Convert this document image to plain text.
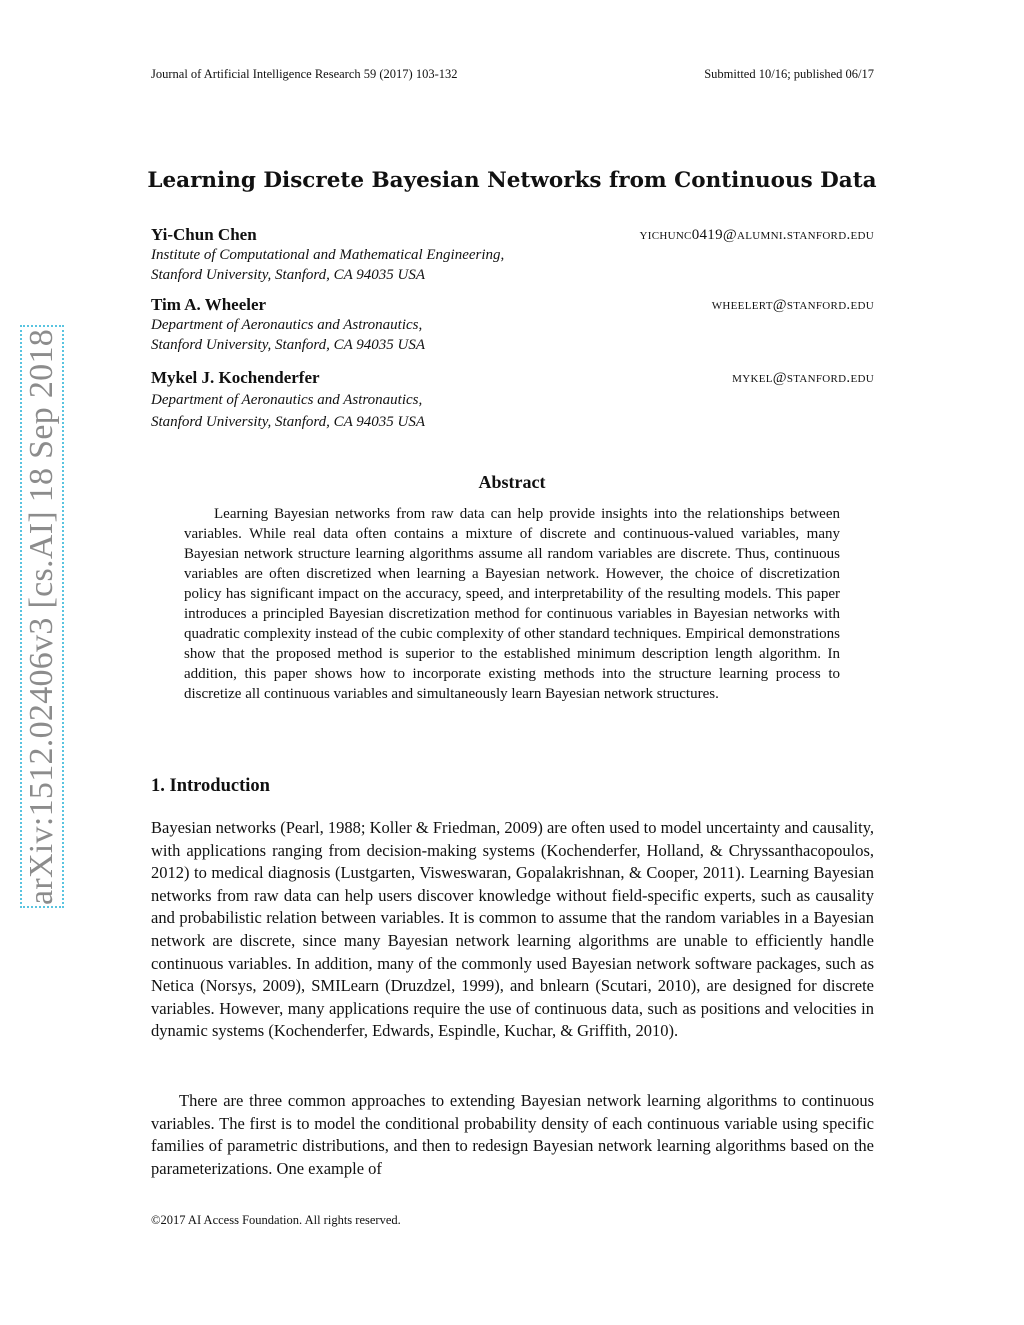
Journal of Artificial Intelligence Research 59 (2017) 103-132	Submitted 10/16; published 06/17
arXiv:1512.02406v3 [cs.AI] 18 Sep 2018
Learning Discrete Bayesian Networks from Continuous Data
Yi-Chun Chen	yichunc0419@alumni.stanford.edu
Institute of Computational and Mathematical Engineering,
Stanford University, Stanford, CA 94035 USA
Tim A. Wheeler	wheelert@stanford.edu
Department of Aeronautics and Astronautics,
Stanford University, Stanford, CA 94035 USA
Mykel J. Kochenderfer	mykel@stanford.edu
Department of Aeronautics and Astronautics,
Stanford University, Stanford, CA 94035 USA
Abstract

Learning Bayesian networks from raw data can help provide insights into the relationships between variables. While real data often contains a mixture of discrete and continuous-valued variables, many Bayesian network structure learning algorithms assume all random variables are discrete. Thus, continuous variables are often discretized when learning a Bayesian network. However, the choice of discretization policy has significant impact on the accuracy, speed, and interpretability of the resulting models. This paper introduces a principled Bayesian discretization method for continuous variables in Bayesian networks with quadratic complexity instead of the cubic complexity of other standard techniques. Empirical demonstrations show that the proposed method is superior to the established minimum description length algorithm. In addition, this paper shows how to incorporate existing methods into the structure learning process to discretize all continuous variables and simultaneously learn Bayesian network structures.

1. Introduction

Bayesian networks (Pearl, 1988; Koller & Friedman, 2009) are often used to model uncertainty and causality, with applications ranging from decision-making systems (Kochenderfer, Holland, & Chryssanthacopoulos, 2012) to medical diagnosis (Lustgarten, Visweswaran, Gopalakrishnan, & Cooper, 2011). Learning Bayesian networks from raw data can help users discover knowledge without field-specific experts, such as causality and probabilistic relation between variables. It is common to assume that the random variables in a Bayesian network are discrete, since many Bayesian network learning algorithms are unable to efficiently handle continuous variables. In addition, many of the commonly used Bayesian network software packages, such as Netica (Norsys, 2009), SMILearn (Druzdzel, 1999), and bnlearn (Scutari, 2010), are designed for discrete variables. However, many applications require the use of continuous data, such as positions and velocities in dynamic systems (Kochenderfer, Edwards, Espindle, Kuchar, & Griffith, 2010).

There are three common approaches to extending Bayesian network learning algorithms to continuous variables. The first is to model the conditional probability density of each continuous variable using specific families of parametric distributions, and then to redesign Bayesian network learning algorithms based on the parameterizations. One example of

©2017 AI Access Foundation. All rights reserved.
